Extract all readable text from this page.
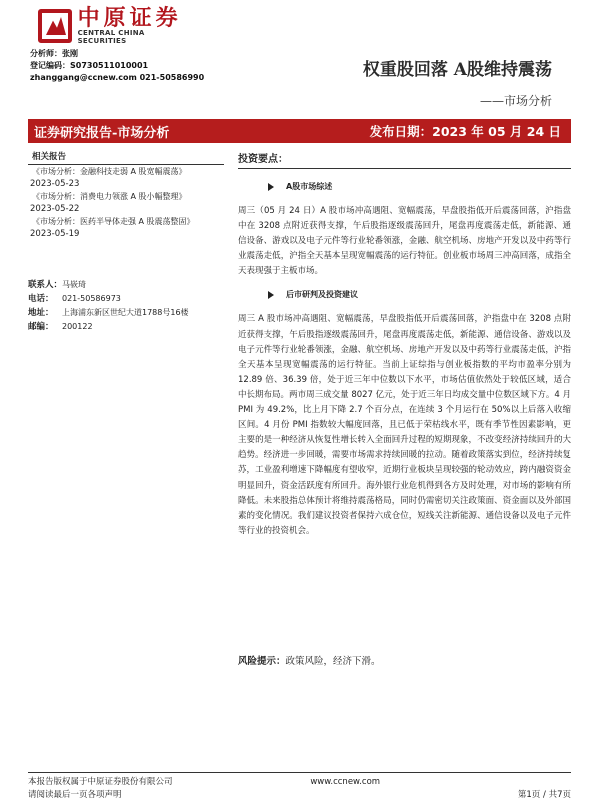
中原证券
CENTRAL CHINA SECURITIES
分析师：张刚
登记编码：S0730511010001
zhanggang@ccnew.com 021-50586990	权重股回落 A股维持震荡
——市场分析
证券研究报告-市场分析	发布日期：2023 年 05 月 24 日
相关报告
《市场分析：金融科技走弱 A 股宽幅震荡》
2023-05-23
《市场分析：消费电力领涨 A 股小幅整理》
2023-05-22
《市场分析：医药半导体走强 A 股震荡整固》
2023-05-19
联系人： 马嵚琦
电话：	021-50586973
地址：	上海浦东新区世纪大道1788号16楼
邮编：	200122
投资要点：
A股市场综述
周三（05 月 24 日）A 股市场冲高遇阻、宽幅震荡，早盘股指低开后震荡回落，沪指盘中在 3208 点附近获得支撑，午后股指逐级震荡回升，尾盘再度震荡走低，新能源、通信设备、游戏以及电子元件等行业轮番领涨，金融、航空机场、房地产开发以及中药等行业震荡走低，沪指全天基本呈现宽幅震荡的运行特征。创业板市场周三冲高回落，成指全天表现强于主板市场。
后市研判及投资建议
周三 A 股市场冲高遇阻、宽幅震荡，早盘股指低开后震荡回落，沪指盘中在 3208 点附近获得支撑，午后股指逐级震荡回升，尾盘再度震荡走低，新能源、通信设备、游戏以及电子元件等行业轮番领涨，金融、航空机场、房地产开发以及中药等行业震荡走低，沪指全天基本呈现宽幅震荡的运行特征。当前上证综指与创业板指数的平均市盈率分别为 12.89 倍、36.39 倍，处于近三年中位数以下水平，市场估值依然处于较低区域，适合中长期布局。两市周三成交量 8027 亿元，处于近三年日均成交量中位数区域下方。4 月 PMI 为 49.2%，比上月下降 2.7 个百分点，在连续 3 个月运行在 50%以上后落入收缩区间。4 月份 PMI 指数较大幅度回落，且已低于荣枯线水平，既有季节性因素影响，更主要的是一种经济从恢复性增长转入全面回升过程的短期现象，不改变经济持续回升的大趋势。经济进一步回暖，需要市场需求持续回暖的拉动。随着政策落实到位，经济持续复苏，工业盈利增速下降幅度有望收窄，近期行业板块呈现较强的轮动效应，跨内融资资金明显回升，资金活跃度有所回升。海外银行业危机得到各方及时处理，对市场的影响有所降低。未来股指总体预计将维持震荡格局，同时仍需密切关注政策面、资金面以及外部国素的变化情况。我们建议投资者保持六成仓位，短线关注新能源、通信设备以及电子元件等行业的投资机会。
风险提示：政策风险，经济下滑。
本报告版权属于中原证券股份有限公司
请阅读最后一页各项声明
www.ccnew.com
第1页 / 共7页
